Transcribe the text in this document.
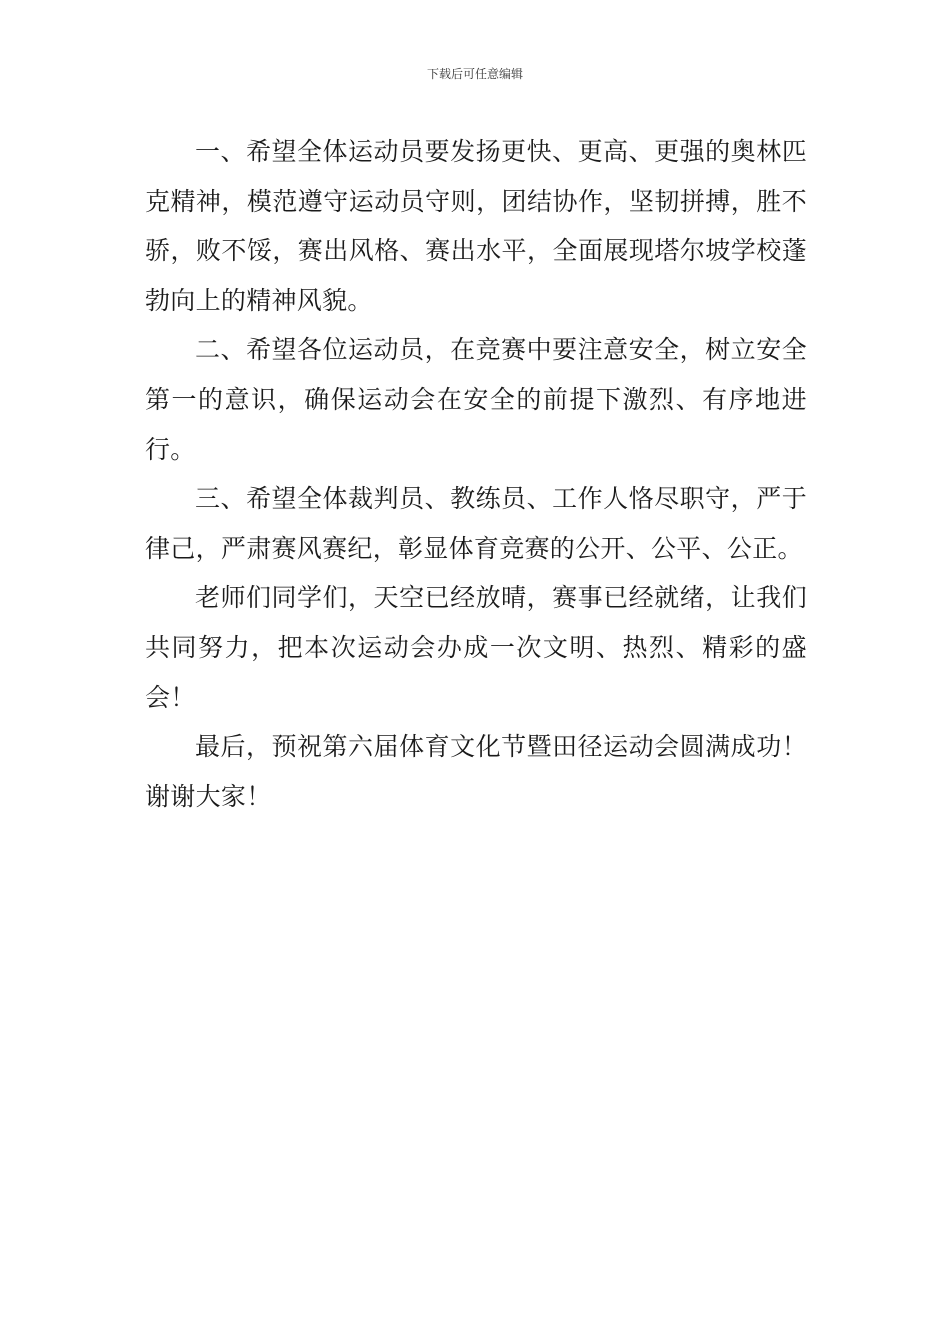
下载后可任意编辑

一、希望全体运动员要发扬更快、更高、更强的奥林匹克精神，模范遵守运动员守则，团结协作，坚韧拼搏，胜不骄，败不馁，赛出风格、赛出水平，全面展现塔尔坡学校蓬勃向上的精神风貌。

二、希望各位运动员，在竞赛中要注意安全，树立安全第一的意识，确保运动会在安全的前提下激烈、有序地进行。

三、希望全体裁判员、教练员、工作人恪尽职守，严于律己，严肃赛风赛纪，彰显体育竞赛的公开、公平、公正。

老师们同学们，天空已经放晴，赛事已经就绪，让我们共同努力，把本次运动会办成一次文明、热烈、精彩的盛会！

最后，预祝第六届体育文化节暨田径运动会圆满成功！谢谢大家！
